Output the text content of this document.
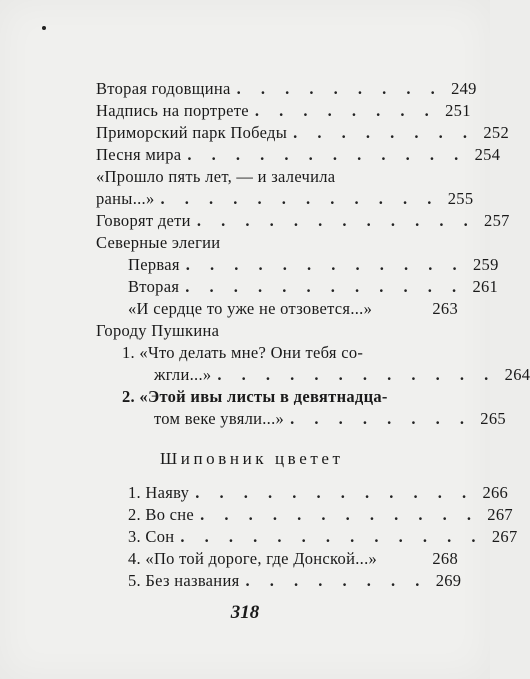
Вторая годовщина . . . . . . . . . 249
Надпись на портрете . . . . . . . . 251
Приморский парк Победы . . . . . . . . 252
Песня мира . . . . . . . . . . . . 254
«Прошло пять лет, — и залечила
раны...» . . . . . . . . . . . . 255
Говорят дети . . . . . . . . . . . . 257
Северные элегии
Первая . . . . . . . . . . . . 259
Вторая . . . . . . . . . . . . 261
«И сердце то уже не отзовется...»	263
Городу Пушкина
1. «Что делать мне? Они тебя со-
жгли...» . . . . . . . . . . . . 264
2. «Этой ивы листы в девятнадца-
том веке увяли...» . . . . . . . . 265
Шиповник цветет
1. Наяву . . . . . . . . . . . . 266
2. Во сне . . . . . . . . . . . . 267
3. Сон . . . . . . . . . . . . . 267
4. «По той дороге, где Донской...»	268
5. Без названия . . . . . . . . 269
318
